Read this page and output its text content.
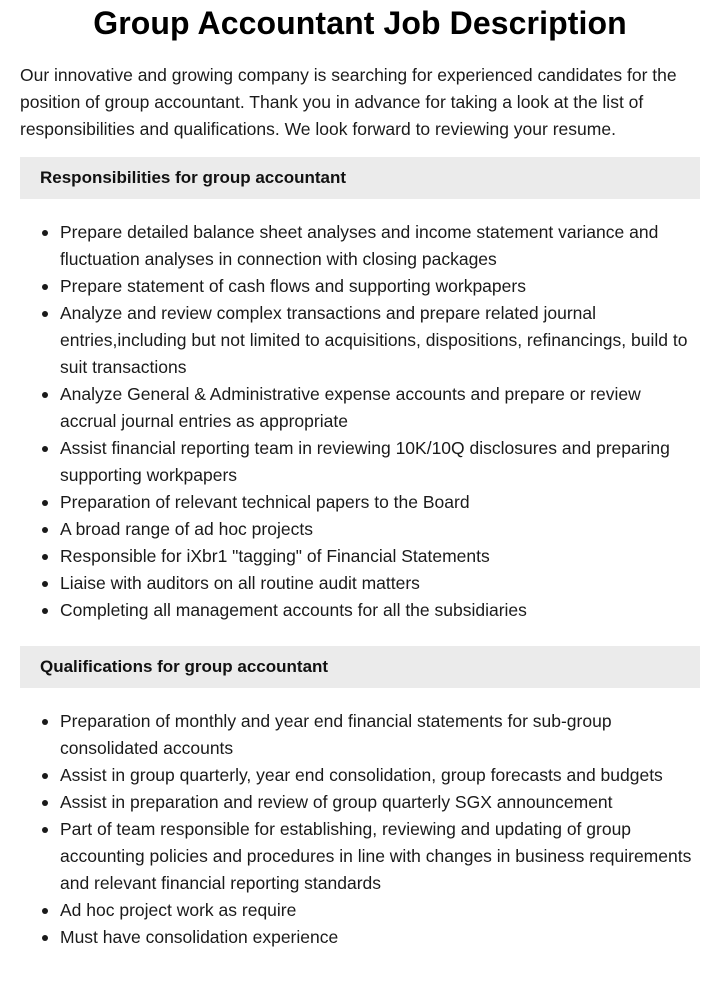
Group Accountant Job Description

Our innovative and growing company is searching for experienced candidates for the position of group accountant. Thank you in advance for taking a look at the list of responsibilities and qualifications. We look forward to reviewing your resume.

Responsibilities for group accountant
Prepare detailed balance sheet analyses and income statement variance and fluctuation analyses in connection with closing packages
Prepare statement of cash flows and supporting workpapers
Analyze and review complex transactions and prepare related journal entries,including but not limited to acquisitions, dispositions, refinancings, build to suit transactions
Analyze General & Administrative expense accounts and prepare or review accrual journal entries as appropriate
Assist financial reporting team in reviewing 10K/10Q disclosures and preparing supporting workpapers
Preparation of relevant technical papers to the Board
A broad range of ad hoc projects
Responsible for iXbr1 "tagging" of Financial Statements
Liaise with auditors on all routine audit matters
Completing all management accounts for all the subsidiaries
Qualifications for group accountant
Preparation of monthly and year end financial statements for sub-group consolidated accounts
Assist in group quarterly, year end consolidation, group forecasts and budgets
Assist in preparation and review of group quarterly SGX announcement
Part of team responsible for establishing, reviewing and updating of group accounting policies and procedures in line with changes in business requirements and relevant financial reporting standards
Ad hoc project work as require
Must have consolidation experience
